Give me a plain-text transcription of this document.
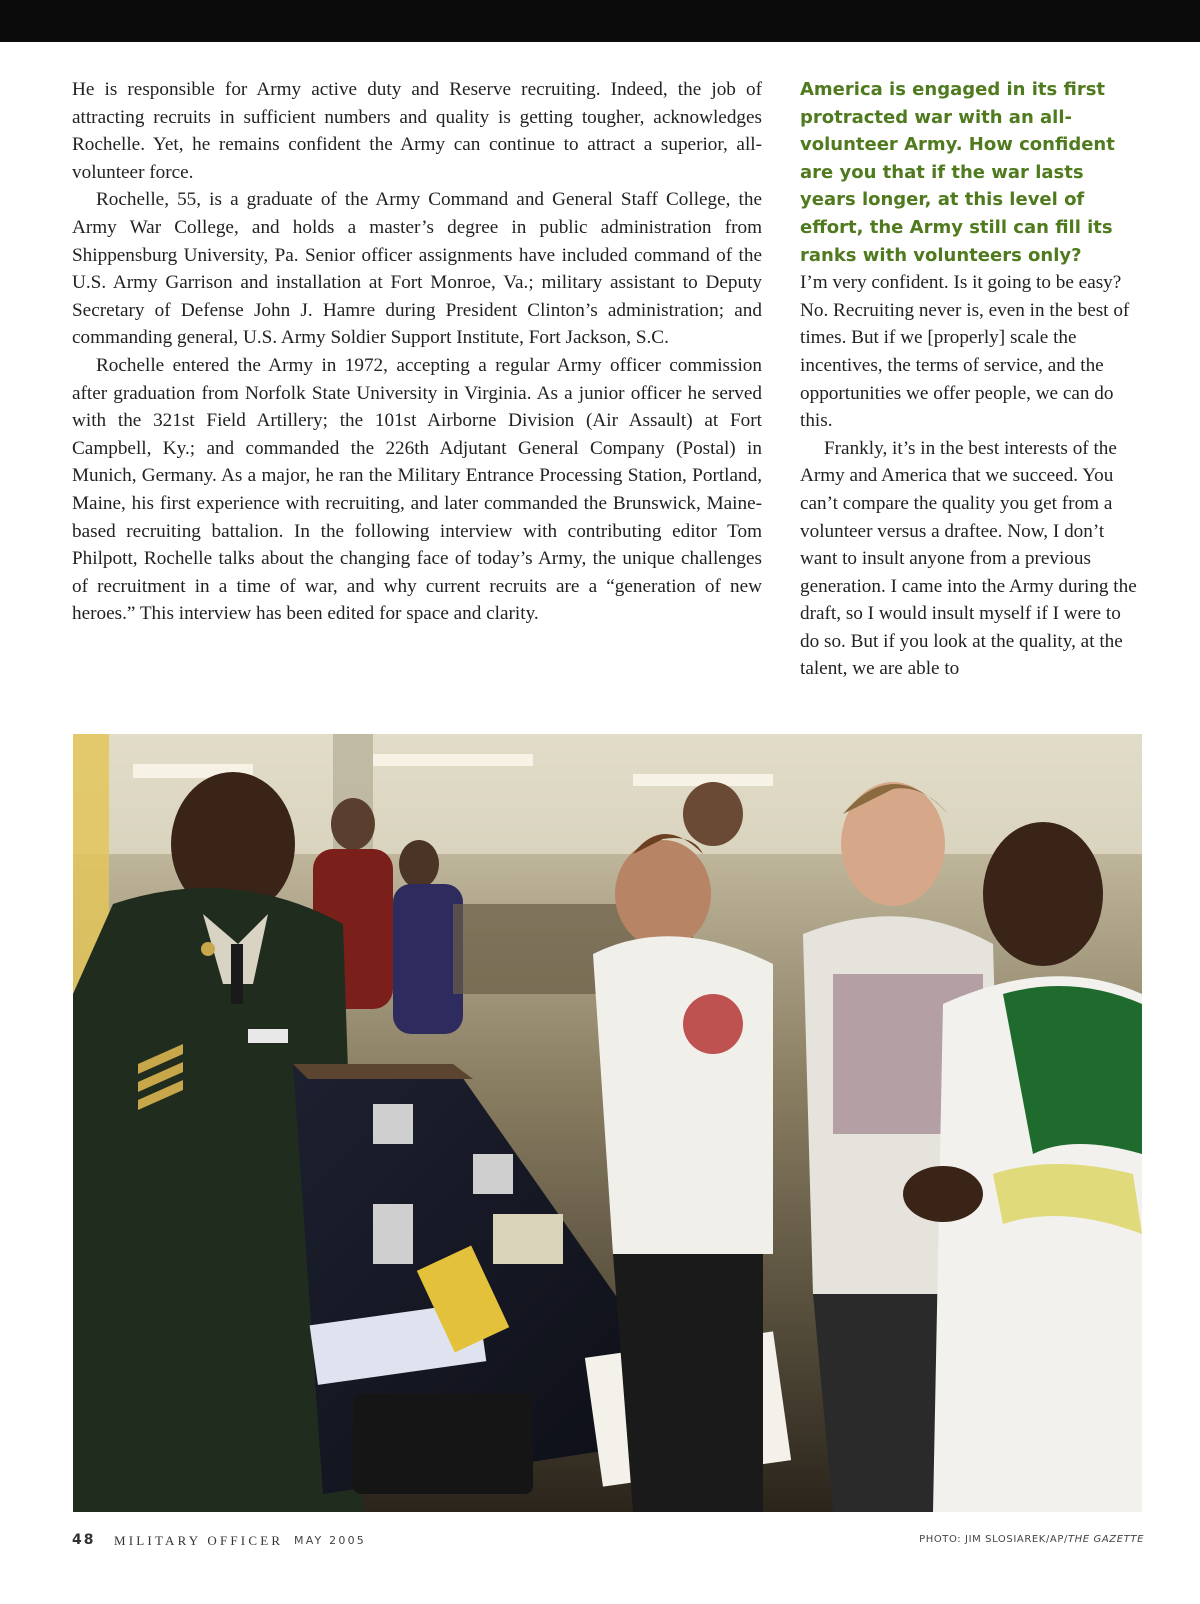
He is responsible for Army active duty and Reserve recruiting. Indeed, the job of attracting recruits in sufficient numbers and quality is getting tougher, acknowledges Rochelle. Yet, he remains confident the Army can continue to attract a superior, all-volunteer force.

Rochelle, 55, is a graduate of the Army Command and General Staff College, the Army War College, and holds a master’s degree in public administration from Shippensburg University, Pa. Senior officer assignments have included command of the U.S. Army Garrison and installation at Fort Monroe, Va.; military assistant to Deputy Secretary of Defense John J. Hamre during President Clinton’s administration; and commanding general, U.S. Army Soldier Support Institute, Fort Jackson, S.C.

Rochelle entered the Army in 1972, accepting a regular Army officer commission after graduation from Norfolk State University in Virginia. As a junior officer he served with the 321st Field Artillery; the 101st Airborne Division (Air Assault) at Fort Campbell, Ky.; and commanded the 226th Adjutant General Company (Postal) in Munich, Germany. As a major, he ran the Military Entrance Processing Station, Portland, Maine, his first experience with recruiting, and later commanded the Brunswick, Maine-based recruiting battalion. In the following interview with contributing editor Tom Philpott, Rochelle talks about the changing face of today’s Army, the unique challenges of recruitment in a time of war, and why current recruits are a “generation of new heroes.” This interview has been edited for space and clarity.

America is engaged in its first protracted war with an all-volunteer Army. How confident are you that if the war lasts years longer, at this level of effort, the Army still can fill its ranks with volunteers only?

I’m very confident. Is it going to be easy? No. Recruiting never is, even in the best of times. But if we [properly] scale the incentives, the terms of service, and the opportunities we offer people, we can do this.

Frankly, it’s in the best interests of the Army and America that we succeed. You can’t compare the quality you get from a volunteer versus a draftee. Now, I don’t want to insult anyone from a previous generation. I came into the Army during the draft, so I would insult myself if I were to do so. But if you look at the quality, at the talent, we are able to

48 MILITARY OFFICER MAY 2005	PHOTO: JIM SLOSIAREK/AP/THE GAZETTE
